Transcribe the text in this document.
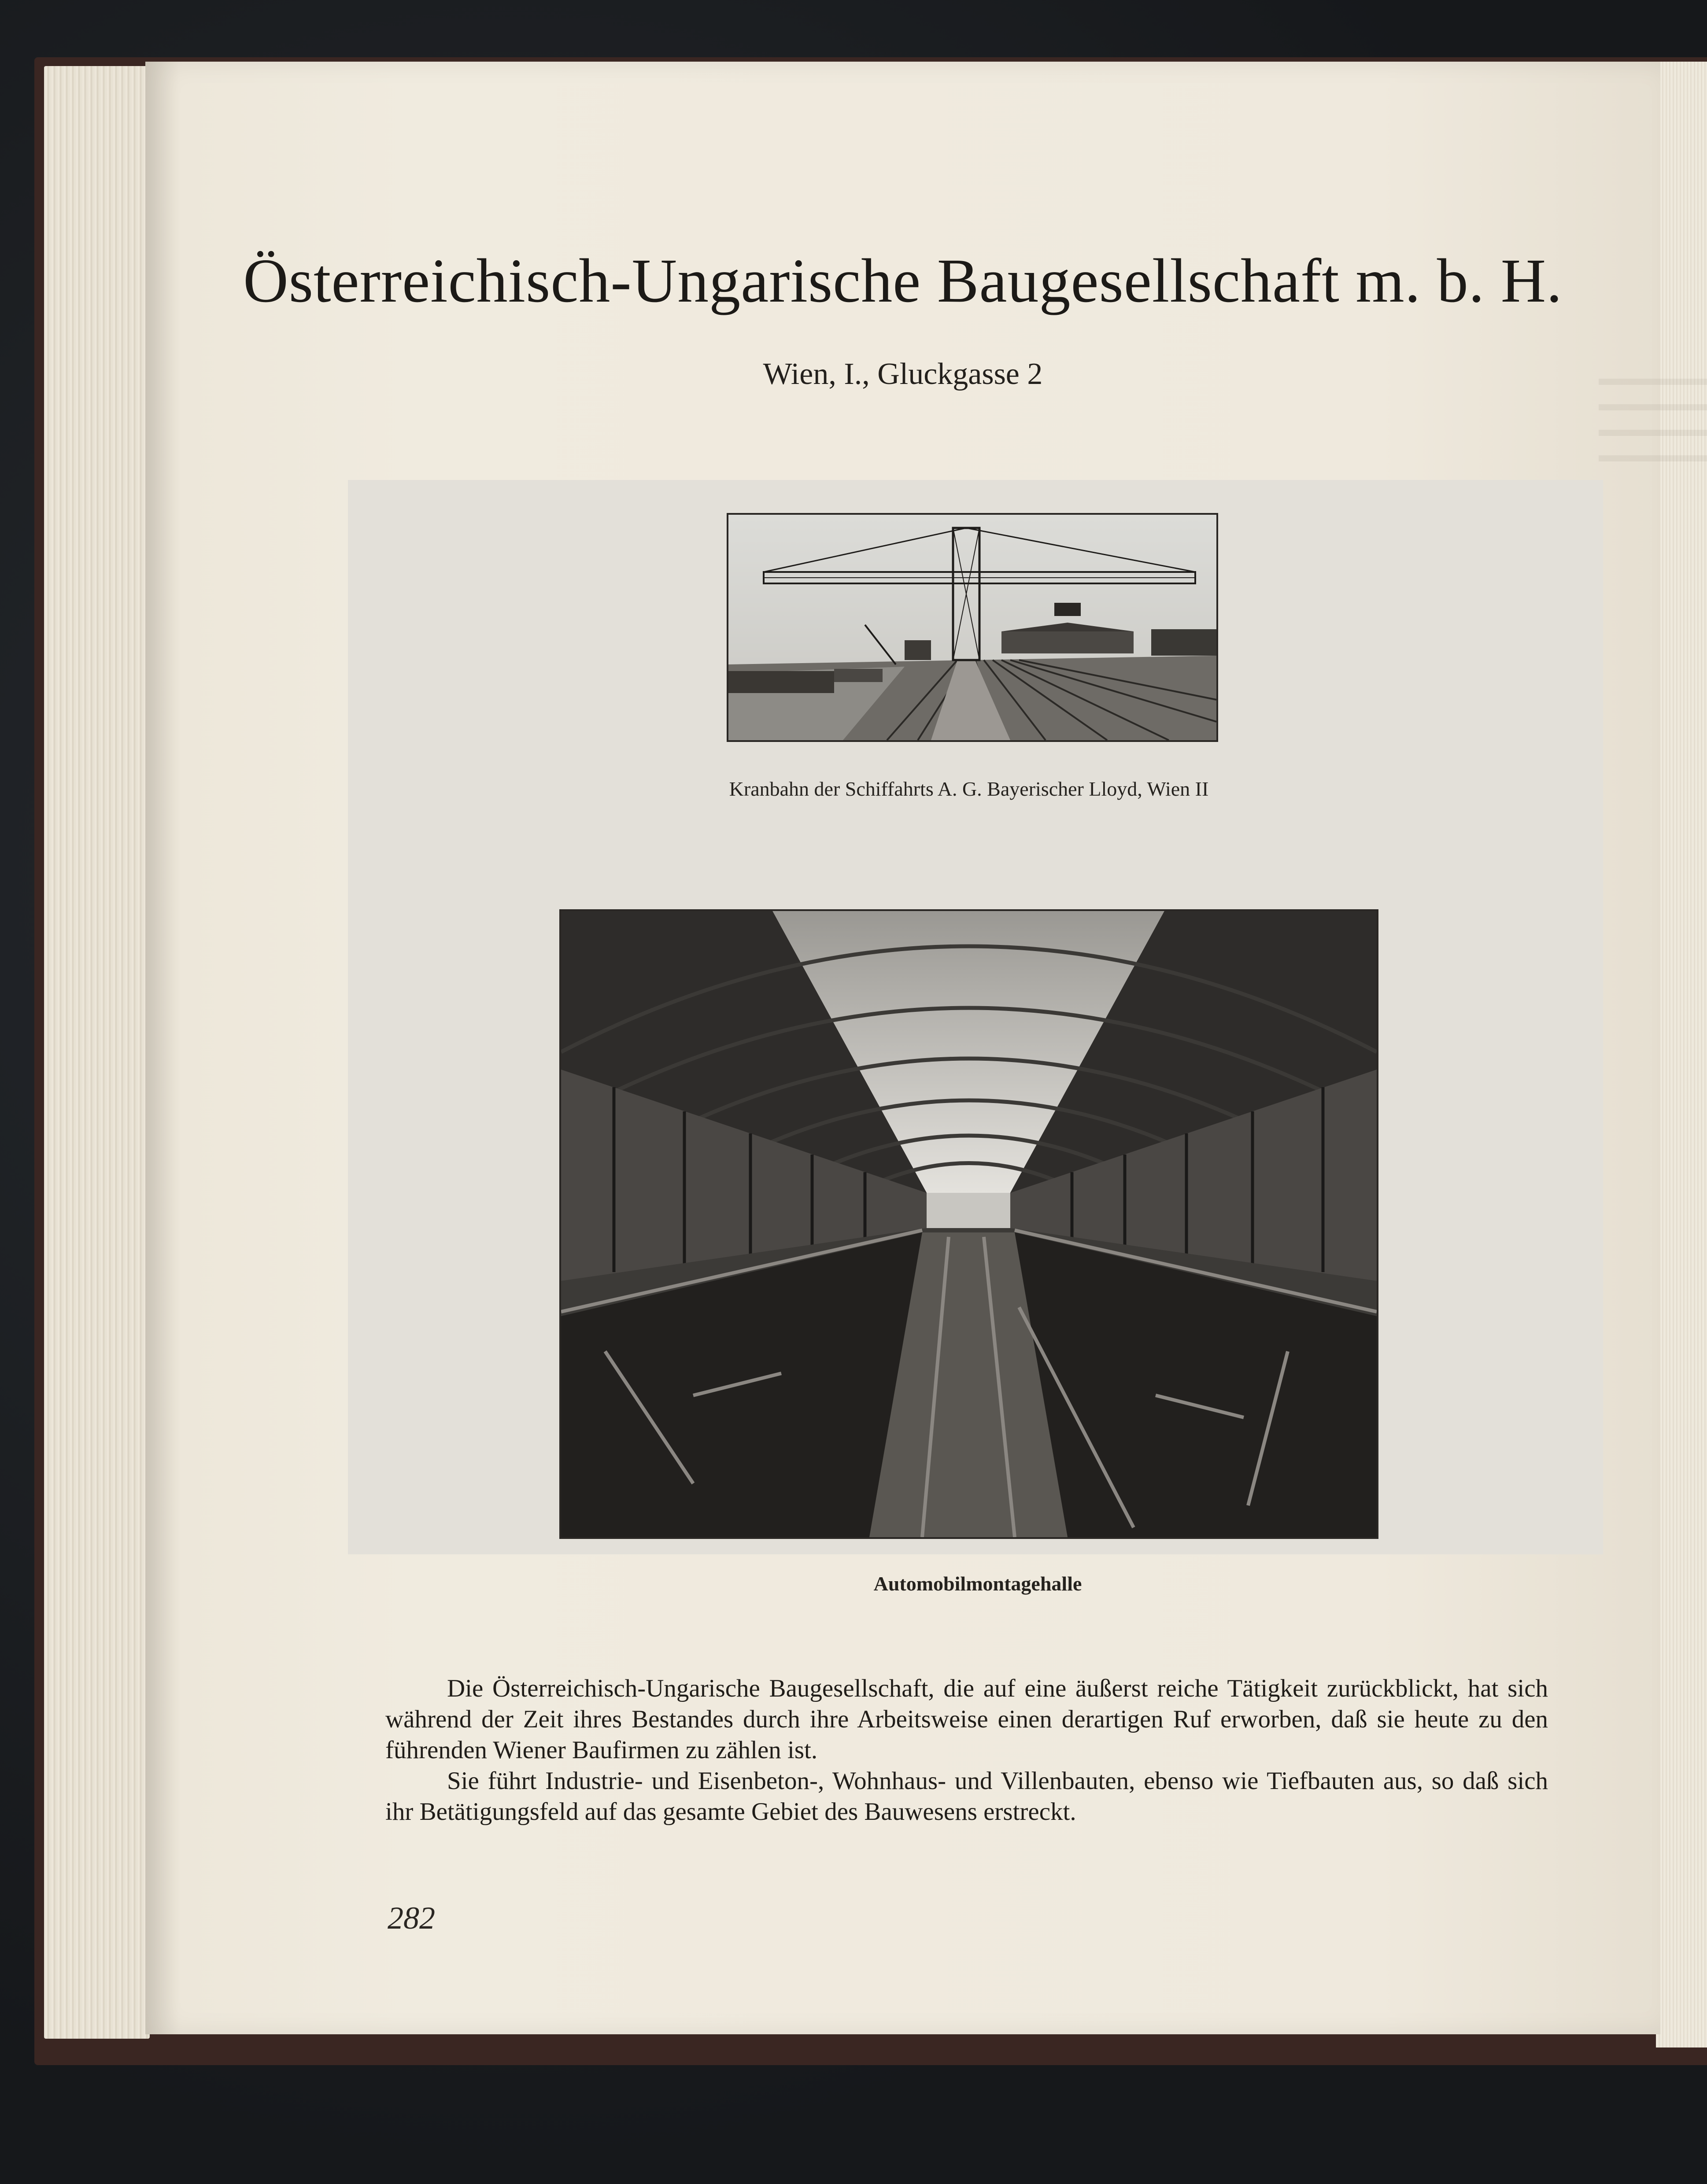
Österreichisch-Ungarische Baugesellschaft m. b. H.
Wien, I., Gluckgasse 2
Kranbahn der Schiffahrts A. G. Bayerischer Lloyd, Wien II
Automobilmontagehalle

Die Österreichisch-Ungarische Baugesellschaft, die auf eine äußerst reiche Tätigkeit zurückblickt, hat sich während der Zeit ihres Bestandes durch ihre Arbeitsweise einen derartigen Ruf erworben, daß sie heute zu den führenden Wiener Baufirmen zu zählen ist.

Sie führt Industrie- und Eisenbeton-, Wohnhaus- und Villenbauten, ebenso wie Tiefbauten aus, so daß sich ihr Betätigungsfeld auf das gesamte Gebiet des Bauwesens erstreckt.

282
